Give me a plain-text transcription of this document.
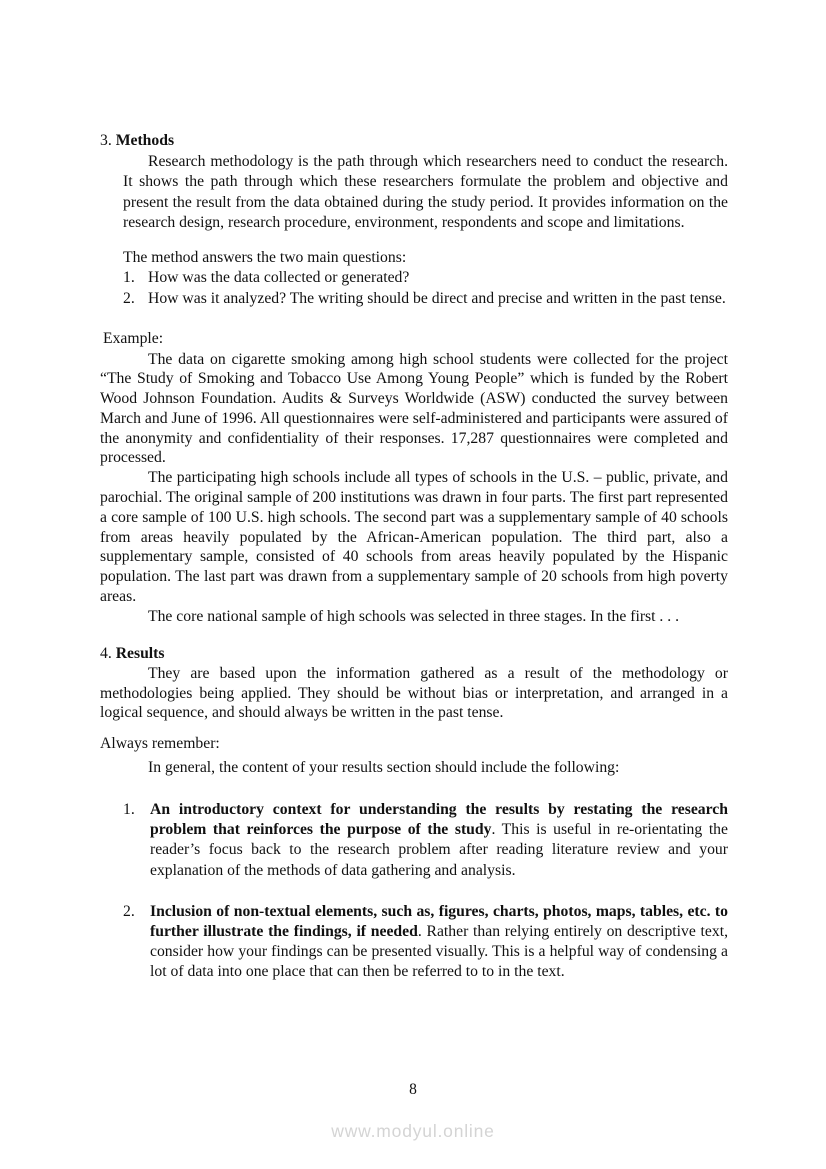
3. Methods

Research methodology is the path through which researchers need to conduct the research. It shows the path through which these researchers formulate the problem and objective and present the result from the data obtained during the study period. It provides information on the research design, research procedure, environment, respondents and scope and limitations.

The method answers the two main questions:

1. How was the data collected or generated?
2. How was it analyzed? The writing should be direct and precise and written in the past tense.

Example:

The data on cigarette smoking among high school students were collected for the project “The Study of Smoking and Tobacco Use Among Young People” which is funded by the Robert Wood Johnson Foundation. Audits & Surveys Worldwide (ASW) conducted the survey between March and June of 1996. All questionnaires were self-administered and participants were assured of the anonymity and confidentiality of their responses. 17,287 questionnaires were completed and processed.

The participating high schools include all types of schools in the U.S. – public, private, and parochial. The original sample of 200 institutions was drawn in four parts. The first part represented a core sample of 100 U.S. high schools. The second part was a supplementary sample of 40 schools from areas heavily populated by the African-American population. The third part, also a supplementary sample, consisted of 40 schools from areas heavily populated by the Hispanic population. The last part was drawn from a supplementary sample of 20 schools from high poverty areas.

The core national sample of high schools was selected in three stages. In the first . . .

4. Results

They are based upon the information gathered as a result of the methodology or methodologies being applied. They should be without bias or interpretation, and arranged in a logical sequence, and should always be written in the past tense.

Always remember:

In general, the content of your results section should include the following:

1. An introductory context for understanding the results by restating the research problem that reinforces the purpose of the study. This is useful in re-orientating the reader’s focus back to the research problem after reading literature review and your explanation of the methods of data gathering and analysis.
2. Inclusion of non-textual elements, such as, figures, charts, photos, maps, tables, etc. to further illustrate the findings, if needed. Rather than relying entirely on descriptive text, consider how your findings can be presented visually. This is a helpful way of condensing a lot of data into one place that can then be referred to to in the text.
8
www.modyul.online
